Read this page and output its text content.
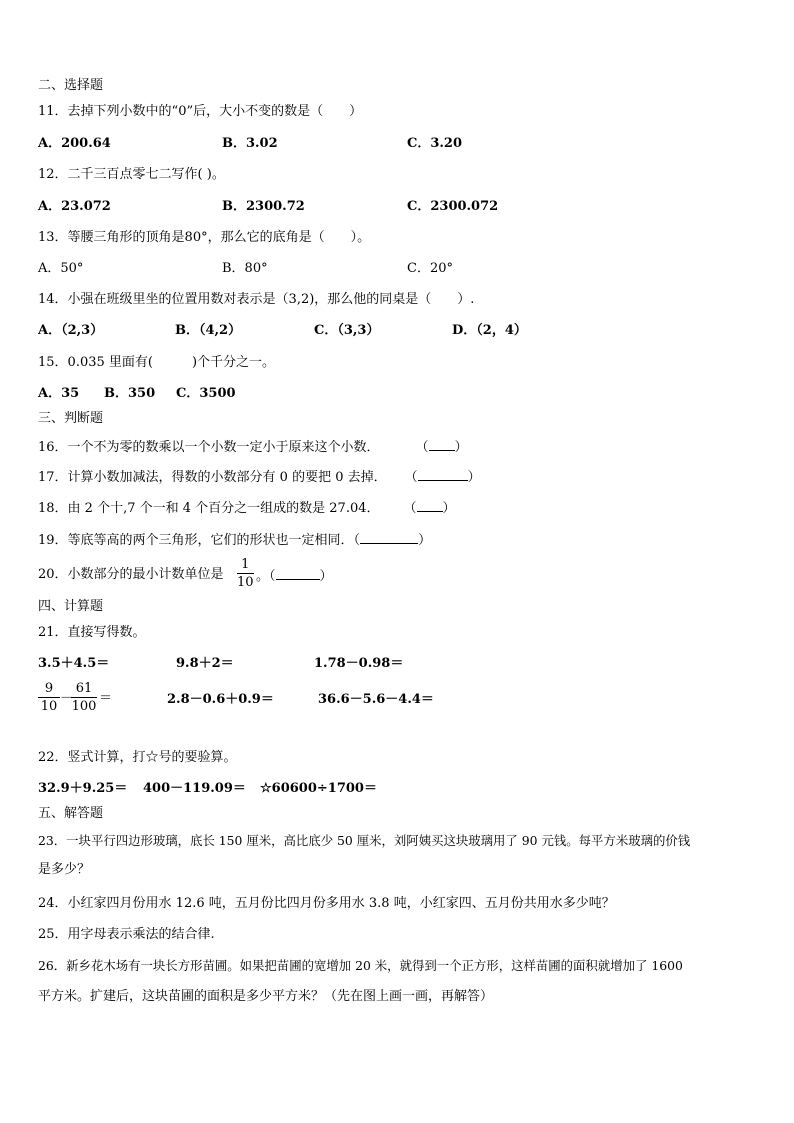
二、选择题
11．去掉下列小数中的“0”后，大小不变的数是（　　）
A．200.64	B．3.02	C．3.20
12．二千三百点零七二写作( )。
A．23.072	B．2300.72	C．2300.072
13．等腰三角形的顶角是80°，那么它的底角是（　　）。
A．50°	B．80°	C．20°
14．小强在班级里坐的位置用数对表示是（3,2)，那么他的同桌是（　　）.
A．（2,3）	B．（4,2）	C．（3,3）	D．（2，4）
15．0.035 里面有(　　　)个千分之一。
A．35 B．350 C．3500
三、判断题
16．一个不为零的数乘以一个小数一定小于原来这个小数．	（ ）
17．计算小数加减法，得数的小数部分有 0 的要把 0 去掉． （	）
18．由 2 个十,7 个一和 4 个百分之一组成的数是 27.04． （ ）
19．等底等高的两个三角形，它们的形状也一定相同．（	）
20．小数部分的最小计数单位是
1
10 。（	）
四、计算题
21．直接写得数。
3.5＋4.5＝	9.8＋2＝	1.78－0.98＝
9
10
－
61
100
＝	2.8－0.6＋0.9＝	36.6－5.6－4.4＝
22．竖式计算，打☆号的要验算。
32.9＋9.25＝ 400－119.09＝ ☆60600÷1700＝
五、解答题
23．一块平行四边形玻璃，底长 150 厘米，高比底少 50 厘米，刘阿姨买这块玻璃用了 90 元钱。每平方米玻璃的价钱
是多少？
24．小红家四月份用水 12.6 吨，五月份比四月份多用水 3.8 吨，小红家四、五月份共用水多少吨？
25．用字母表示乘法的结合律.
26．新乡花木场有一块长方形苗圃。如果把苗圃的宽增加 20 米，就得到一个正方形，这样苗圃的面积就增加了 1600
平方米。扩建后，这块苗圃的面积是多少平方米？（先在图上画一画，再解答）
